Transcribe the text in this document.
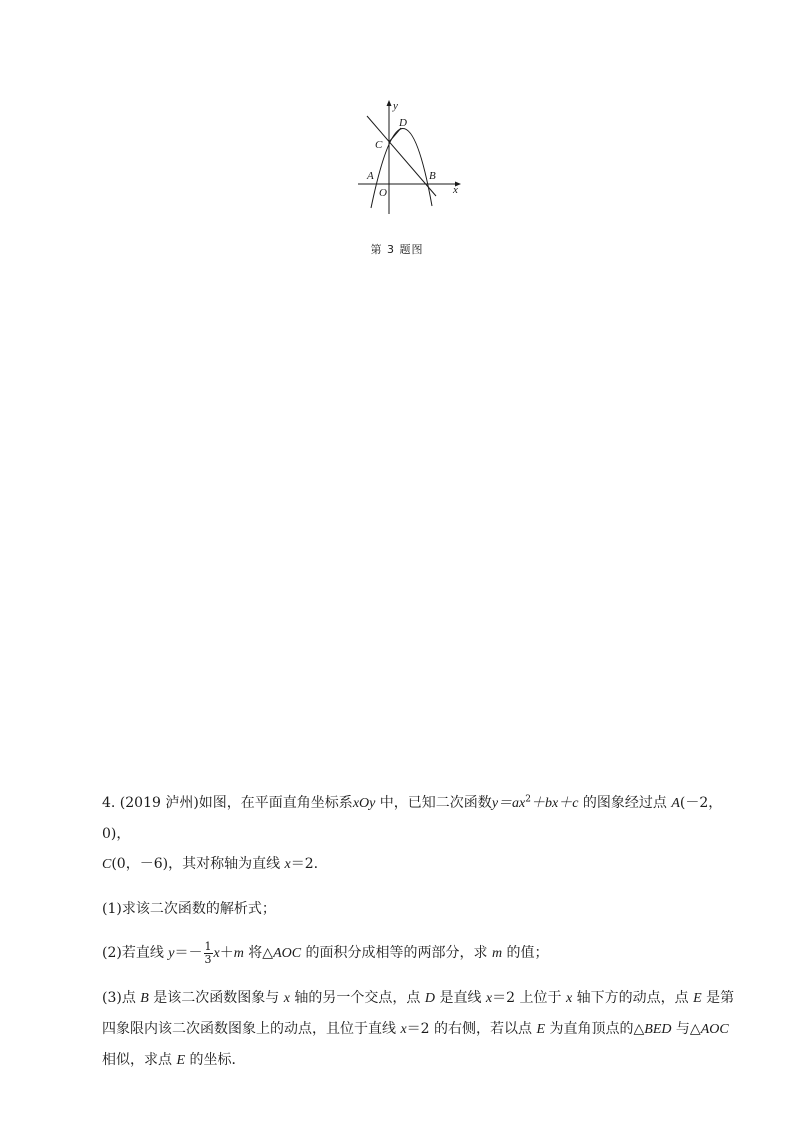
y
x
O
A	B
C
D
第 3 题图

4. (2019 泸州)如图，在平面直角坐标系xOy 中，已知二次函数$y=ax^2+bx+c$ 的图象经过点 A(－2，0)，
C(0，－6)，其对称轴为直线 x＝2.

(1)求该二次函数的解析式；

(2)若直线 $y=- \frac{1}{3} x+m$ 将△AOC 的面积分成相等的两部分，求 m 的值；

(3)点 B 是该二次函数图象与 x 轴的另一个交点，点 D 是直线 x＝2 上位于 x 轴下方的动点，点 E 是第四象限内该二次函数图象上的动点，且位于直线 x＝2 的右侧，若以点 E 为直角顶点的△BED 与△AOC 相似，求点 E 的坐标．
